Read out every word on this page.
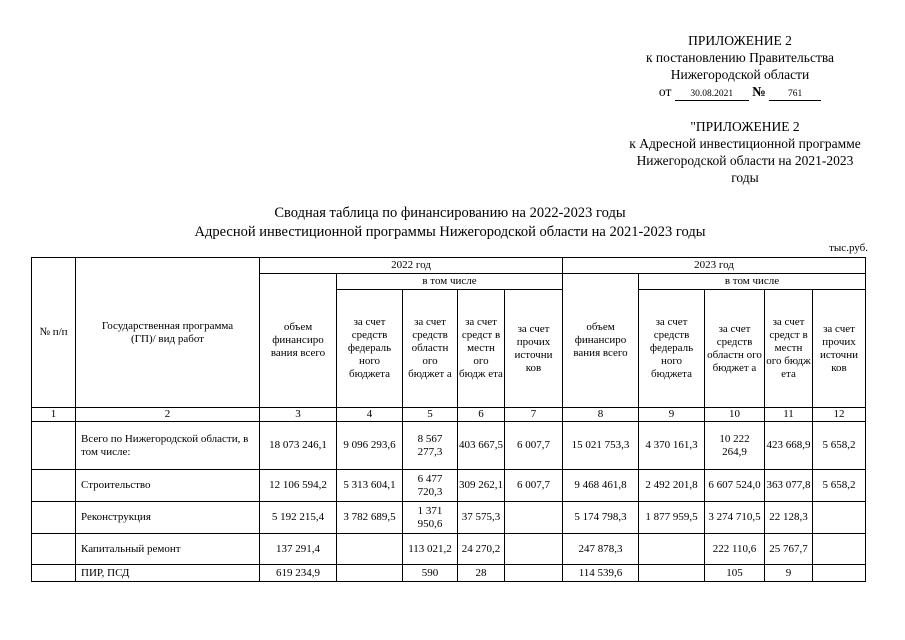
ПРИЛОЖЕНИЕ 2
к постановлению Правительства
Нижегородской области
от 30.08.2021 № 761
"ПРИЛОЖЕНИЕ 2
к Адресной инвестиционной программе
Нижегородской области на 2021-2023
годы
Сводная таблица по финансированию на 2022-2023 годы
Адресной инвестиционной программы Нижегородской области на 2021-2023 годы
тыс.руб.
№ п/п	Государственная программа (ГП)/ вид работ	2022 год					2023 год				
		объем финансиро вания всего	в том числе				объем финансиро вания всего	в том числе			
			за счет средств федераль ного бюджета	за счет средств областн ого бюджет а	за счет средст в местн ого бюдж ета	за счет прочих источни ков		за счет средств федераль ного бюджета	за счет средств областн ого бюджет а	за счет средст в местн ого бюдж ета	за счет прочих источни ков
1	2	3	4	5	6	7	8	9	10	11	12
	Всего по Нижегородской области, в том числе:	18 073 246,1	9 096 293,6	8 567 277,3	403 667,5	6 007,7	15 021 753,3	4 370 161,3	10 222 264,9	423 668,9	5 658,2
	Строительство	12 106 594,2	5 313 604,1	6 477 720,3	309 262,1	6 007,7	9 468 461,8	2 492 201,8	6 607 524,0	363 077,8	5 658,2
	Реконструкция	5 192 215,4	3 782 689,5	1 371 950,6	37 575,3		5 174 798,3	1 877 959,5	3 274 710,5	22 128,3	
	Капитальный ремонт	137 291,4		113 021,2	24 270,2		247 878,3		222 110,6	25 767,7	
	ПИР, ПСД	619 234,9		590	28		114 539,6		105	9	
